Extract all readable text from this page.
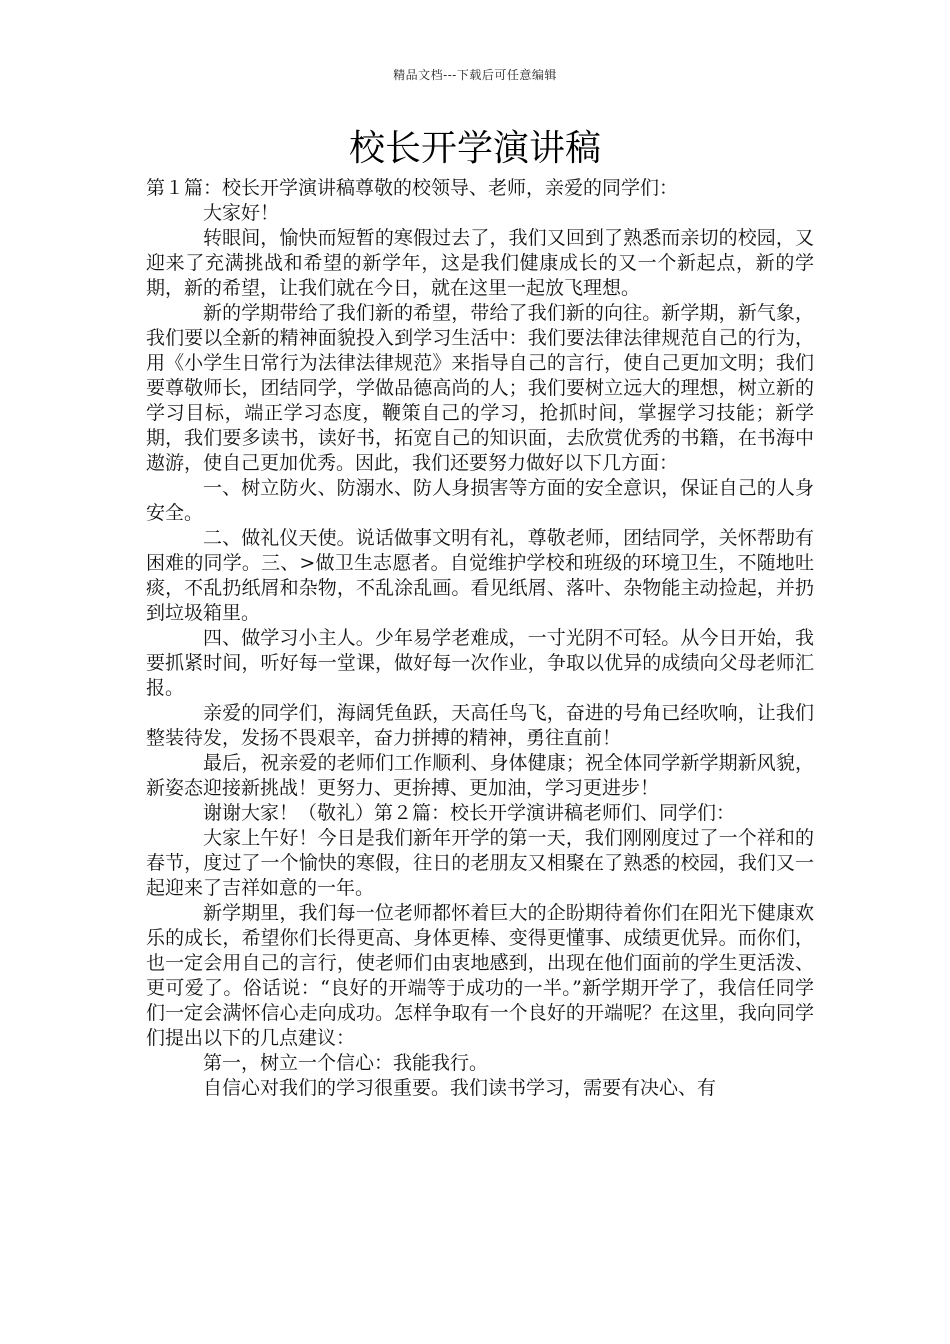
精品文档---下载后可任意编辑
校长开学演讲稿

第１篇：校长开学演讲稿尊敬的校领导、老师，亲爱的同学们：

大家好！

转眼间，愉快而短暂的寒假过去了，我们又回到了熟悉而亲切的校园，又迎来了充满挑战和希望的新学年，这是我们健康成长的又一个新起点，新的学期，新的希望，让我们就在今日，就在这里一起放飞理想。

新的学期带给了我们新的希望，带给了我们新的向往。新学期，新气象，我们要以全新的精神面貌投入到学习生活中：我们要法律法律规范自己的行为，用《小学生日常行为法律法律规范》来指导自己的言行，使自己更加文明；我们要尊敬师长，团结同学，学做品德高尚的人；我们要树立远大的理想，树立新的学习目标，端正学习态度，鞭策自己的学习，抢抓时间，掌握学习技能；新学期，我们要多读书，读好书，拓宽自己的知识面，去欣赏优秀的书籍，在书海中遨游，使自己更加优秀。因此，我们还要努力做好以下几方面：

一、树立防火、防溺水、防人身损害等方面的安全意识，保证自己的人身安全。

二、做礼仪天使。说话做事文明有礼，尊敬老师，团结同学，关怀帮助有困难的同学。三、>做卫生志愿者。自觉维护学校和班级的环境卫生，不随地吐痰，不乱扔纸屑和杂物，不乱涂乱画。看见纸屑、落叶、杂物能主动捡起，并扔到垃圾箱里。

四、做学习小主人。少年易学老难成，一寸光阴不可轻。从今日开始，我要抓紧时间，听好每一堂课，做好每一次作业，争取以优异的成绩向父母老师汇报。

亲爱的同学们，海阔凭鱼跃，天高任鸟飞，奋进的号角已经吹响，让我们整装待发，发扬不畏艰辛，奋力拼搏的精神，勇往直前！

最后，祝亲爱的老师们工作顺利、身体健康；祝全体同学新学期新风貌，新姿态迎接新挑战！更努力、更拚搏、更加油，学习更进步！

谢谢大家！（敬礼）第２篇：校长开学演讲稿老师们、同学们：

大家上午好！今日是我们新年开学的第一天，我们刚刚度过了一个祥和的春节，度过了一个愉快的寒假，往日的老朋友又相聚在了熟悉的校园，我们又一起迎来了吉祥如意的一年。

新学期里，我们每一位老师都怀着巨大的企盼期待着你们在阳光下健康欢乐的成长，希望你们长得更高、身体更棒、变得更懂事、成绩更优异。而你们，也一定会用自己的言行，使老师们由衷地感到，出现在他们面前的学生更活泼、更可爱了。俗话说：“良好的开端等于成功的一半。”新学期开学了，我信任同学们一定会满怀信心走向成功。怎样争取有一个良好的开端呢？在这里，我向同学们提出以下的几点建议：

第一，树立一个信心：我能我行。

自信心对我们的学习很重要。我们读书学习，需要有决心、有
